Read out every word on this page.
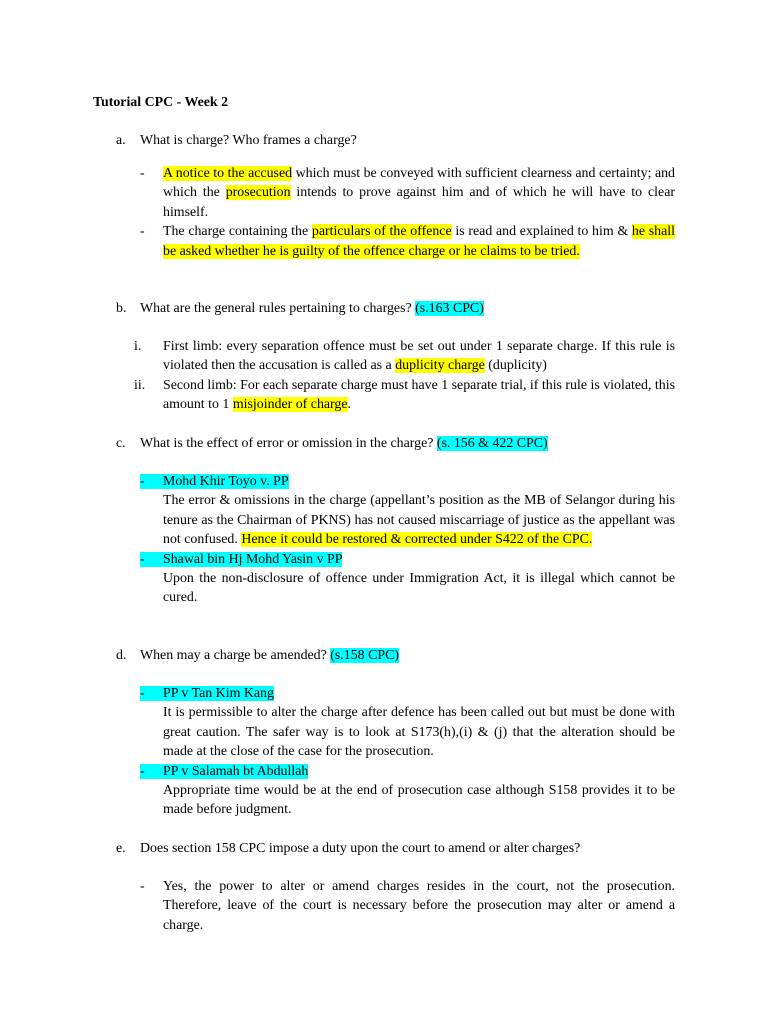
Tutorial CPC - Week 2
a. What is charge? Who frames a charge?
- A notice to the accused which must be conveyed with sufficient clearness and certainty; and which the prosecution intends to prove against him and of which he will have to clear himself.
- The charge containing the particulars of the offence is read and explained to him & he shall be asked whether he is guilty of the offence charge or he claims to be tried.
b. What are the general rules pertaining to charges? (s.163 CPC)
i.	First limb: every separation offence must be set out under 1 separate charge. If this rule is violated then the accusation is called as a duplicity charge (duplicity)
ii.	Second limb: For each separate charge must have 1 separate trial, if this rule is violated, this amount to 1 misjoinder of charge.
c. What is the effect of error or omission in the charge? (s. 156 & 422 CPC)
- Mohd Khir Toyo v. PP
The error & omissions in the charge (appellant’s position as the MB of Selangor during his tenure as the Chairman of PKNS) has not caused miscarriage of justice as the appellant was not confused. Hence it could be restored & corrected under S422 of the CPC.
- Shawal bin Hj Mohd Yasin v PP
Upon the non-disclosure of offence under Immigration Act, it is illegal which cannot be cured.
d. When may a charge be amended? (s.158 CPC)
- PP v Tan Kim Kang
It is permissible to alter the charge after defence has been called out but must be done with great caution. The safer way is to look at S173(h),(i) & (j) that the alteration should be made at the close of the case for the prosecution.
- PP v Salamah bt Abdullah
Appropriate time would be at the end of prosecution case although S158 provides it to be made before judgment.
e. Does section 158 CPC impose a duty upon the court to amend or alter charges?
- Yes, the power to alter or amend charges resides in the court, not the prosecution. Therefore, leave of the court is necessary before the prosecution may alter or amend a charge.
